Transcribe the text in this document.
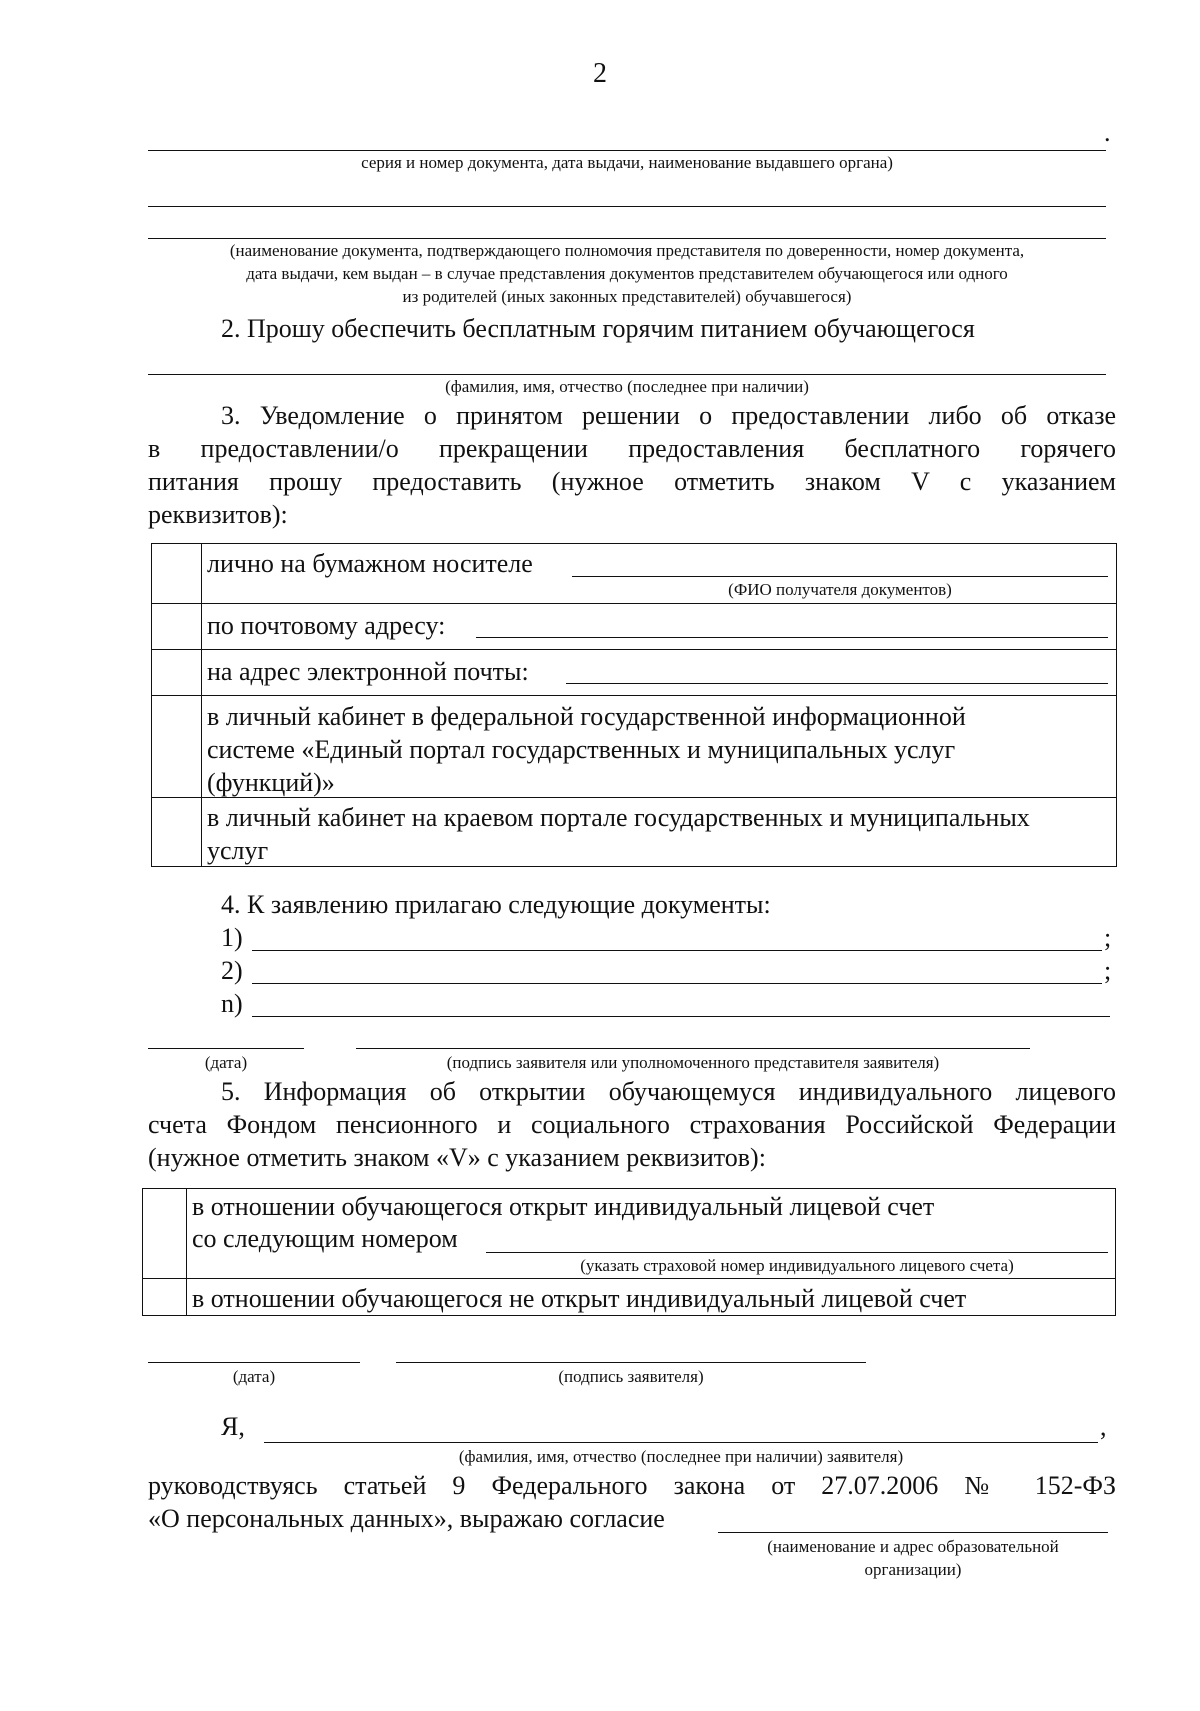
2
.
серия и номер документа, дата выдачи, наименование выдавшего органа)
(наименование документа, подтверждающего полномочия представителя по доверенности, номер документа,
дата выдачи, кем выдан – в случае представления документов представителем обучающегося или одного
из родителей (иных законных представителей) обучавшегося)
2. Прошу обеспечить бесплатным горячим питанием обучающегося
(фамилия, имя, отчество (последнее при наличии)
3. Уведомление о принятом решении о предоставлении либо об отказе
в предоставлении/о прекращении предоставления бесплатного горячего
питания прошу предоставить (нужное отметить знаком V с указанием
реквизитов):
лично на бумажном носителе
(ФИО получателя документов)
по почтовому адресу:
на адрес электронной почты:
в личный кабинет в федеральной государственной информационной
системе «Единый портал государственных и муниципальных услуг
(функций)»
в личный кабинет на краевом портале государственных и муниципальных
услуг
4. К заявлению прилагаю следующие документы:
1)	;
2)	;
n)
(дата)	(подпись заявителя или уполномоченного представителя заявителя)
5. Информация об открытии обучающемуся индивидуального лицевого
счета Фондом пенсионного и социального страхования Российской Федерации
(нужное отметить знаком «V» с указанием реквизитов):
в отношении обучающегося открыт индивидуальный лицевой счет
со следующим номером
(указать страховой номер индивидуального лицевого счета)
в отношении обучающегося не открыт индивидуальный лицевой счет
(дата)	(подпись заявителя)
Я,	,
(фамилия, имя, отчество (последнее при наличии) заявителя)
руководствуясь статьей 9 Федерального закона от 27.07.2006 № 152-ФЗ
«О персональных данных», выражаю согласие
(наименование и адрес образовательной
организации)
